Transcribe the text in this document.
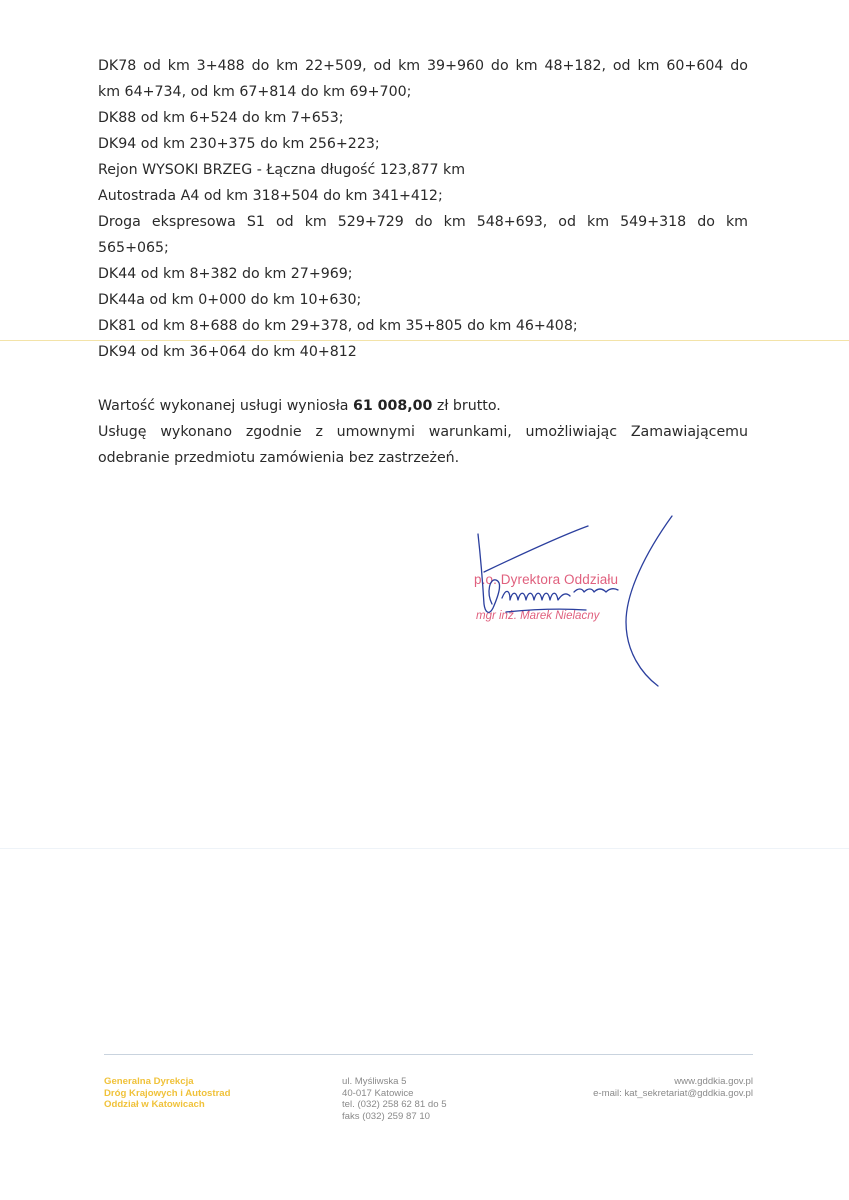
DK78 od km 3+488 do km 22+509, od km 39+960 do km 48+182, od km 60+604 do
km 64+734, od km 67+814 do km 69+700;
DK88 od km 6+524 do km 7+653;
DK94 od km 230+375 do km 256+223;
Rejon WYSOKI BRZEG - Łączna długość 123,877 km
Autostrada A4 od km 318+504 do km 341+412;
Droga ekspresowa S1 od km 529+729 do km 548+693, od km 549+318 do km
565+065;
DK44 od km 8+382 do km 27+969;
DK44a od km 0+000 do km 10+630;
DK81 od km 8+688 do km 29+378, od km 35+805 do km 46+408;
DK94 od km 36+064 do km 40+812
Wartość wykonanej usługi wyniosła 61 008,00 zł brutto.
Usługę wykonano zgodnie z umownymi warunkami, umożliwiając Zamawiającemu
odebranie przedmiotu zamówienia bez zastrzeżeń.
p.o. Dyrektora Oddziału
mgr inż. Marek Nielacny
Generalna Dyrekcja
Dróg Krajowych i Autostrad
Oddział w Katowicach
ul. Myśliwska 5
40-017 Katowice
tel. (032) 258 62 81 do 5
faks (032) 259 87 10
www.gddkia.gov.pl
e-mail: kat_sekretariat@gddkia.gov.pl
